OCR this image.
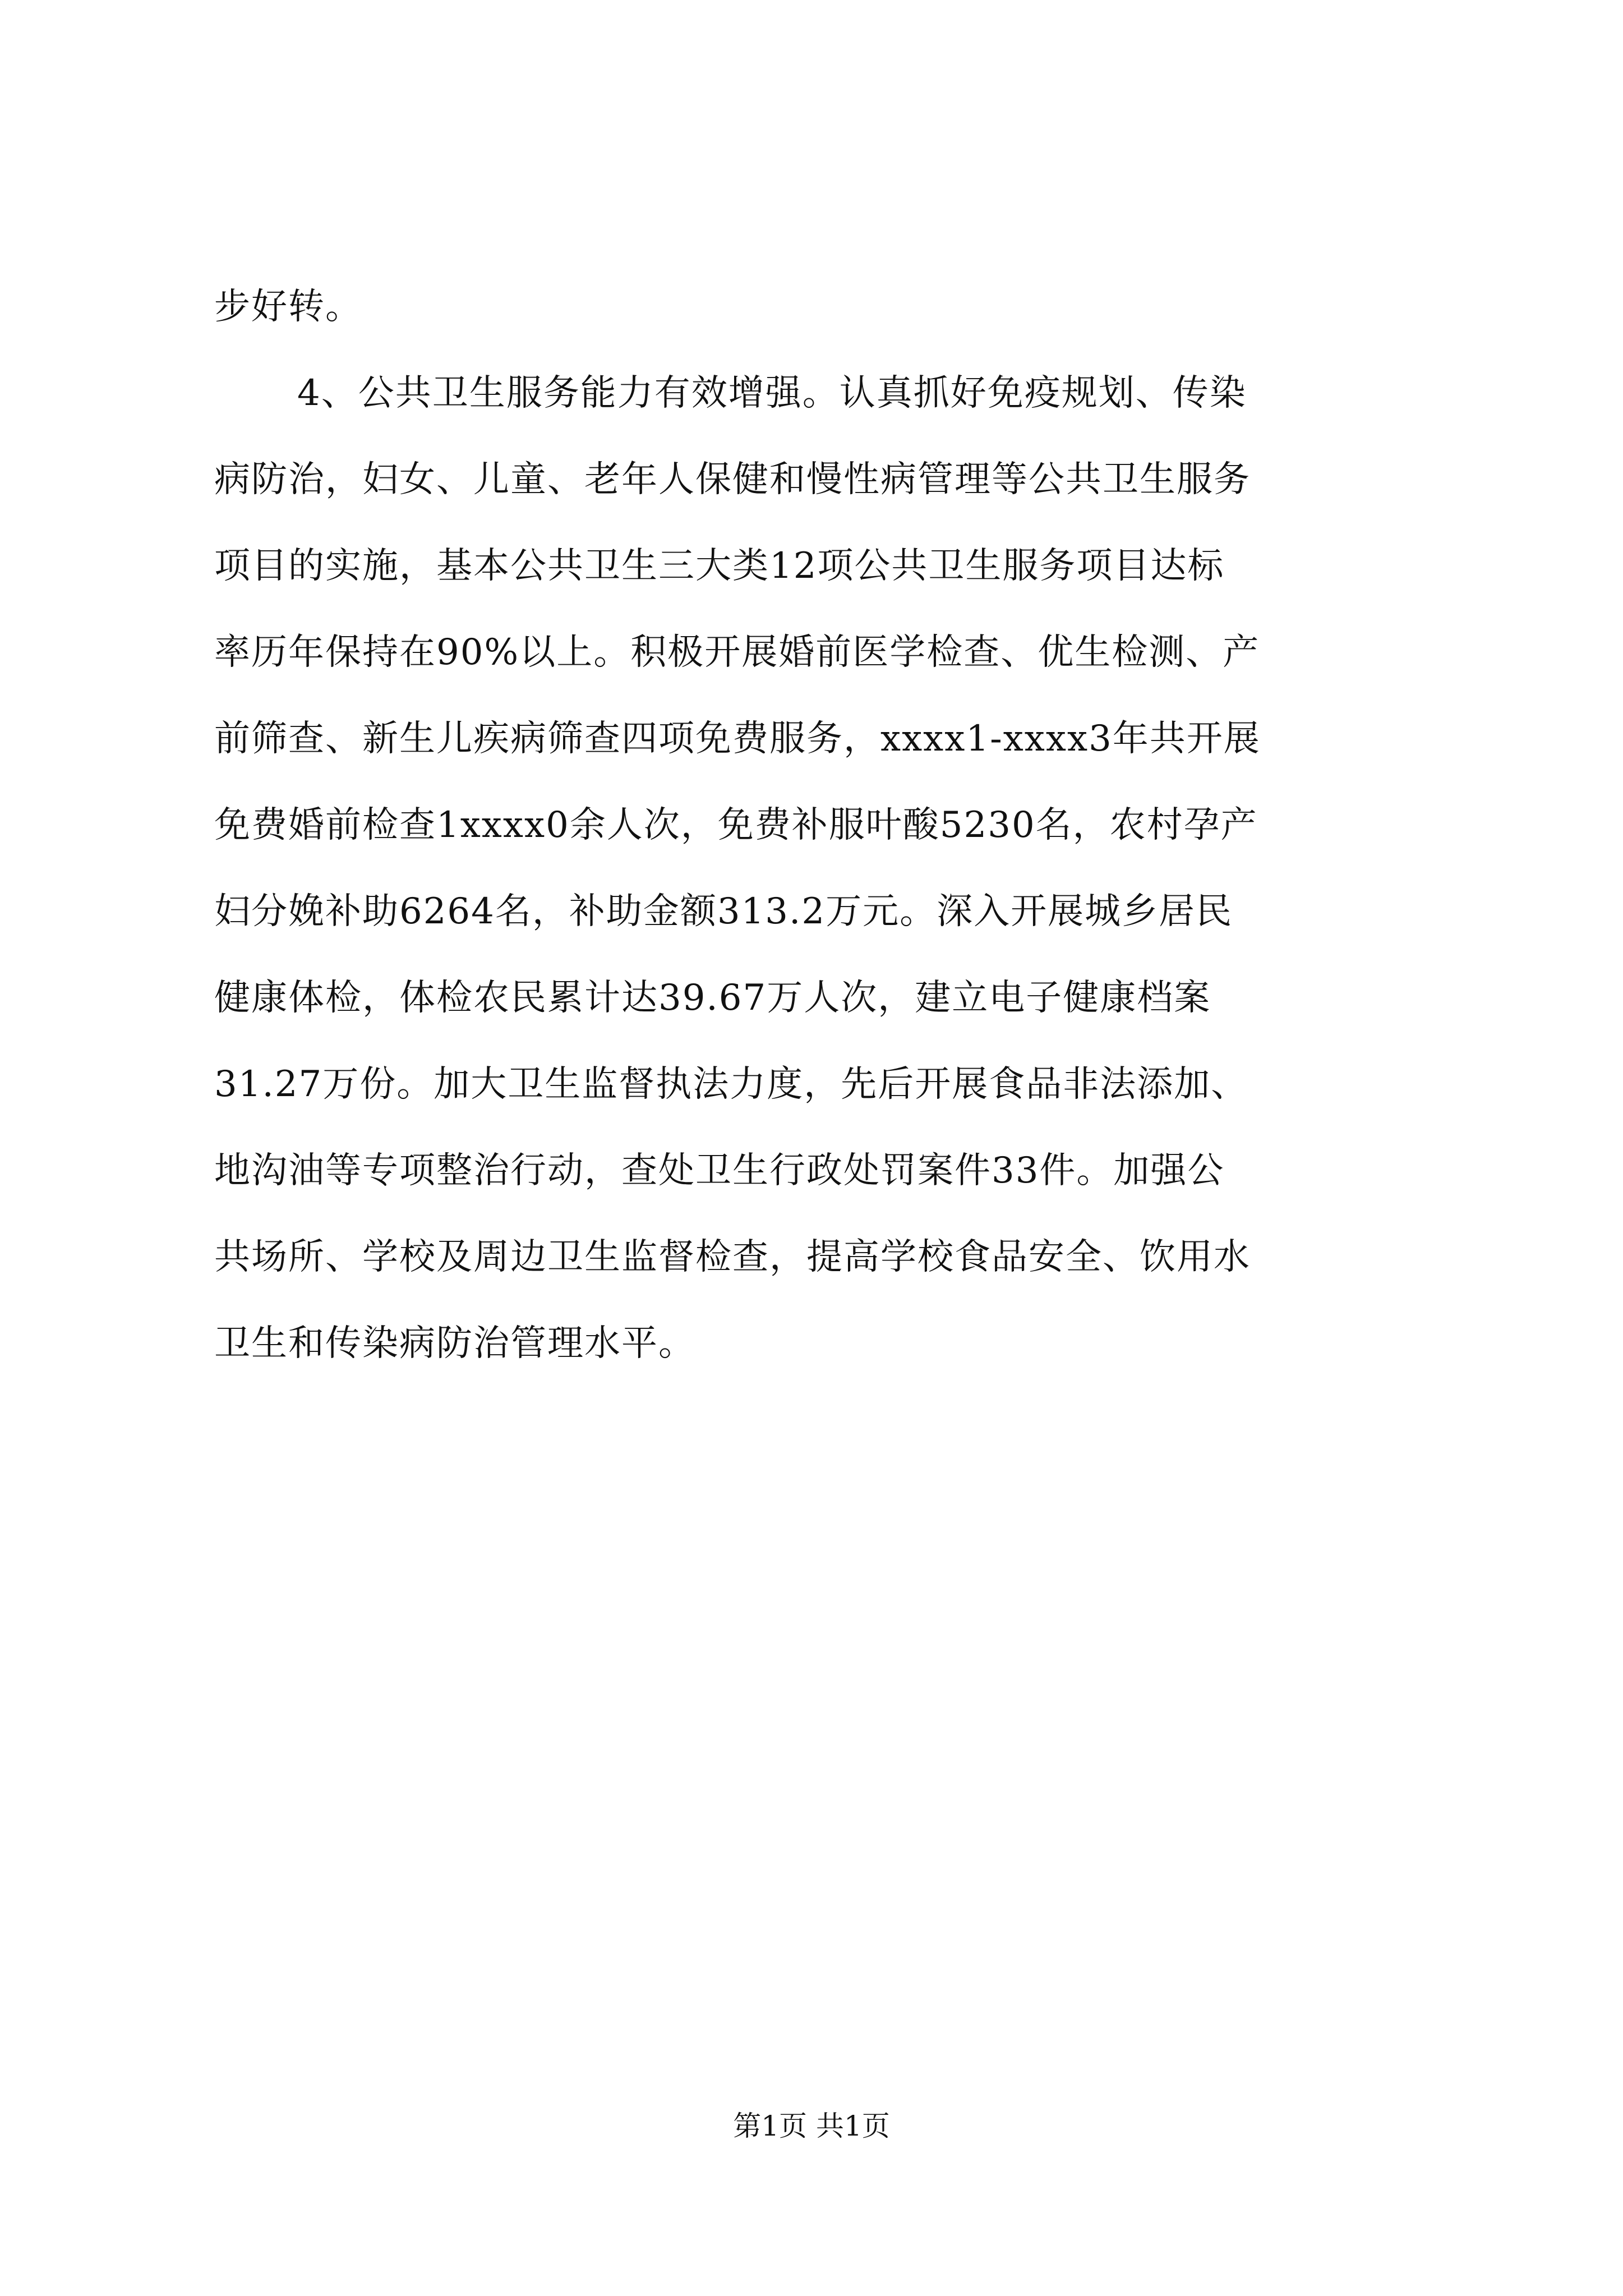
步好转。
4、公共卫生服务能力有效增强。认真抓好免疫规划、传染
病防治，妇女、儿童、老年人保健和慢性病管理等公共卫生服务
项目的实施，基本公共卫生三大类12项公共卫生服务项目达标
率历年保持在90%以上。积极开展婚前医学检查、优生检测、产
前筛查、新生儿疾病筛查四项免费服务，xxxx1-xxxx3年共开展
免费婚前检查1xxxx0余人次，免费补服叶酸5230名，农村孕产
妇分娩补助6264名，补助金额313.2万元。深入开展城乡居民
健康体检，体检农民累计达39.67万人次，建立电子健康档案
31.27万份。加大卫生监督执法力度，先后开展食品非法添加、
地沟油等专项整治行动，查处卫生行政处罚案件33件。加强公
共场所、学校及周边卫生监督检查，提高学校食品安全、饮用水
卫生和传染病防治管理水平。
第1页 共1页
